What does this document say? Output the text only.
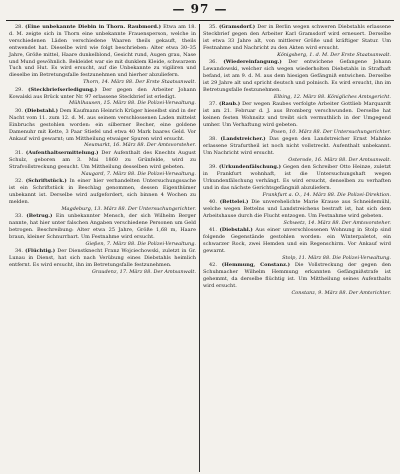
— 97 —

28. (Eine unbekannte Diebin in Thorn. Raubmord.) Etwa am 18. d. M. zeigte sich in Thorn eine unbekannte Frauensperson, welche in verschiedenen Läden verschiedene Waaren theils gekauft, theils entwendet hat. Dieselbe wird wie folgt beschrieben: Alter etwa 30–35 Jahre, Größe mittel, Haare dunkelblond, Gesicht rund, Augen grau, Nase und Mund gewöhnlich. Bekleidet war sie mit dunklem Kleide, schwarzem Tuch und Hut. Es wird ersucht, auf die Unbekannte zu vigiliren und dieselbe im Betretungsfalle festzunehmen und hierher abzuliefern.
Thorn, 14. März 88. Der Erste Staatsanwalt.

29. (Steckbriefserledigung.) Der gegen den Arbeiter Johann Kowalski aus Brück unter Nr. 97 erlassene Steckbrief ist erledigt.
Mühlhausen, 15. März 88. Die Polizei-Verwaltung.

30. (Diebstahl.) Dem Kaufmann Heinrich Krüger hieselbst sind in der Nacht vom 11. zum 12. d. M. aus seinem verschlossenen Laden mittelst Einbruchs gestohlen worden: ein silberner Becher, eine goldene Damenuhr mit Kette, 3 Paar Stiefel und etwa 40 Mark baares Geld. Vor Ankauf wird gewarnt; um Mittheilung etwaiger Spuren wird ersucht.
Neumarkt, 16. März 88. Der Amtsvorsteher.

31. (Aufenthaltsermittelung.) Der Aufenthalt des Knechts August Schulz, geboren am 3. Mai 1860 zu Grünfelde, wird zu Strafvollstreckung gesucht. Um Mittheilung desselben wird gebeten.
Naugard, 7. März 88. Die Polizei-Verwaltung.

32. (Schriftstück.) In einer hier verhandelten Untersuchungssache ist ein Schriftstück in Beschlag genommen, dessen Eigenthümer unbekannt ist. Derselbe wird aufgefordert, sich binnen 4 Wochen zu melden.
Magdeburg, 13. März 88. Der Untersuchungsrichter.

33. (Betrug.) Ein unbekannter Mensch, der sich Wilhelm Berger nannte, hat hier unter falschen Angaben verschiedene Personen um Geld betrogen. Beschreibung: Alter etwa 25 Jahre, Größe 1,68 m, Haare braun, kleiner Schnurrbart. Um Festnahme wird ersucht.
Gießen, 7. März 88. Die Polizei-Verwaltung.

34. (Flüchtig.) Der Dienstknecht Franz Wojciechowski, zuletzt in Gr. Lunau in Dienst, hat sich nach Verübung eines Diebstahls heimlich entfernt. Es wird ersucht, ihn im Betretungsfalle festzunehmen.
Graudenz, 17. März 88. Der Amtsanwalt.

35. (Gramsdorf.) Der in Berlin wegen schweren Diebstahls erlassene Steckbrief gegen den Arbeiter Karl Gramsdorf wird erneuert. Derselbe ist etwa 33 Jahre alt, von mittlerer Größe und kräftiger Statur. Um Festnahme und Nachricht zu den Akten wird ersucht.
Königsberg, 1. d. M. Der Erste Staatsanwalt.

36. (Wiedereinfangung.) Der entwichene Gefangene Johann Lewandowski, welcher sich wegen wiederholten Diebstahls in Strafhaft befand, ist am 9. d. M. aus dem hiesigen Gefängniß entwichen. Derselbe ist 29 Jahre alt und spricht deutsch und polnisch. Es wird ersucht, ihn im Betretungsfalle festzunehmen.
Elbing, 12. März 88. Königliches Amtsgericht.

37. (Raub.) Der wegen Raubes verfolgte Arbeiter Gottlieb Marquardt ist am 21. Februar d. J. aus Bromberg verschwunden. Derselbe hat keinen festen Wohnsitz und treibt sich vermuthlich in der Umgegend umher. Um Verhaftung wird gebeten.
Posen, 10. März 88. Der Untersuchungsrichter.

38. (Landstreicher.) Das gegen den Landstreicher Ernst Mahnke erlassene Strafurtheil ist noch nicht vollstreckt. Aufenthalt unbekannt. Um Nachricht wird ersucht.
Osterode, 16. März 88. Der Amtsanwalt.

39. (Urkundenfälschung.) Gegen den Schreiber Otto Heinze, zuletzt in Frankfurt wohnhaft, ist die Untersuchungshaft wegen Urkundenfälschung verhängt. Es wird ersucht, denselben zu verhaften und in das nächste Gerichtsgefängniß abzuliefern.
Frankfurt a. O., 14. März 88. Die Polizei-Direktion.

40. (Bettelei.) Die unverehelichte Marie Krause aus Schneidemühl, welche wegen Bettelns und Landstreichens bestraft ist, hat sich dem Arbeitshause durch die Flucht entzogen. Um Festnahme wird gebeten.
Schwetz, 14. März 88. Der Amtsvorsteher.

41. (Diebstahl.) Aus einer unverschlossenen Wohnung in Stolp sind folgende Gegenstände gestohlen worden: ein Winterpaletot, ein schwarzer Rock, zwei Hemden und ein Regenschirm. Vor Ankauf wird gewarnt.
Stolp, 11. März 88. Die Polizei-Verwaltung.

42. (Hemmung, Constanz.) Die Vollstreckung der gegen den Schuhmacher Wilhelm Hemmung erkannten Gefängnißstrafe ist gehemmt, da derselbe flüchtig ist. Um Mittheilung seines Aufenthalts wird ersucht.
Constanz, 9. März 88. Der Amtsrichter.
